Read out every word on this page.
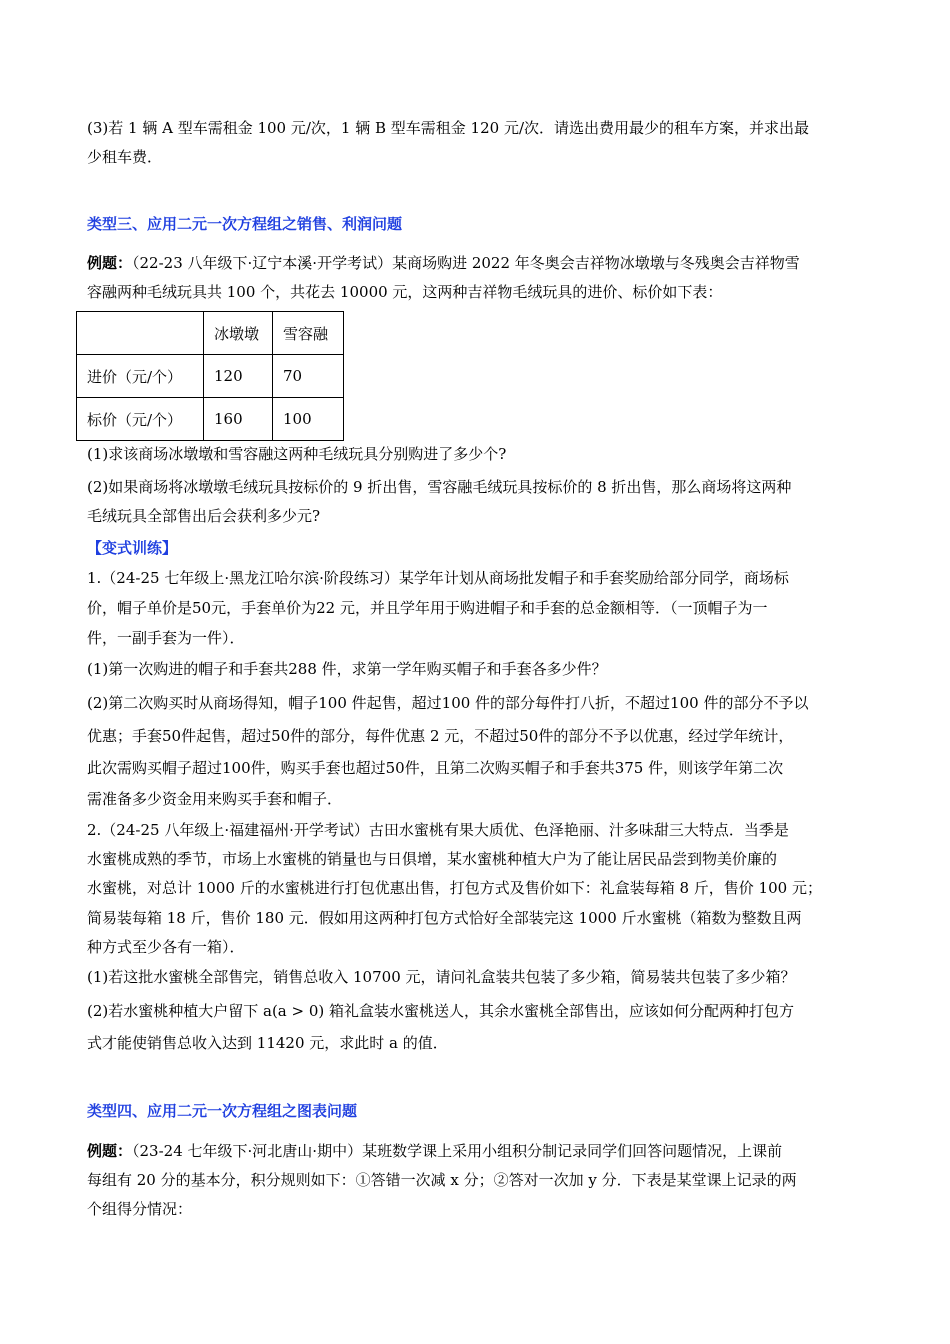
(3)若 1 辆 A 型车需租金 100 元/次，1 辆 B 型车需租金 120 元/次．请选出费用最少的租车方案，并求出最
少租车费．
类型三、应用二元一次方程组之销售、利润问题
例题：（22-23 八年级下·辽宁本溪·开学考试）某商场购进 2022 年冬奥会吉祥物冰墩墩与冬残奥会吉祥物雪
容融两种毛绒玩具共 100 个，共花去 10000 元，这两种吉祥物毛绒玩具的进价、标价如下表：
	冰墩墩	雪容融
进价（元/个）	120	70
标价（元/个）	160	100
(1)求该商场冰墩墩和雪容融这两种毛绒玩具分别购进了多少个?
(2)如果商场将冰墩墩毛绒玩具按标价的 9 折出售，雪容融毛绒玩具按标价的 8 折出售，那么商场将这两种
毛绒玩具全部售出后会获利多少元?
【变式训练】
1.（24-25 七年级上·黑龙江哈尔滨·阶段练习）某学年计划从商场批发帽子和手套奖励给部分同学，商场标
价，帽子单价是50元，手套单价为22 元，并且学年用于购进帽子和手套的总金额相等．（一顶帽子为一
件，一副手套为一件）．
(1)第一次购进的帽子和手套共288 件，求第一学年购买帽子和手套各多少件？
(2)第二次购买时从商场得知，帽子100 件起售，超过100 件的部分每件打八折，不超过100 件的部分不予以
优惠；手套50件起售，超过50件的部分，每件优惠 2 元，不超过50件的部分不予以优惠，经过学年统计，
此次需购买帽子超过100件，购买手套也超过50件，且第二次购买帽子和手套共375 件，则该学年第二次
需准备多少资金用来购买手套和帽子．
2.（24-25 八年级上·福建福州·开学考试）古田水蜜桃有果大质优、色泽艳丽、汁多味甜三大特点．当季是
水蜜桃成熟的季节，市场上水蜜桃的销量也与日俱增，某水蜜桃种植大户为了能让居民品尝到物美价廉的
水蜜桃，对总计 1000 斤的水蜜桃进行打包优惠出售，打包方式及售价如下：礼盒装每箱 8 斤，售价 100 元；
简易装每箱 18 斤，售价 180 元．假如用这两种打包方式恰好全部装完这 1000 斤水蜜桃（箱数为整数且两
种方式至少各有一箱）．
(1)若这批水蜜桃全部售完，销售总收入 10700 元，请问礼盒装共包装了多少箱，简易装共包装了多少箱？
(2)若水蜜桃种植大户留下 a(a > 0) 箱礼盒装水蜜桃送人，其余水蜜桃全部售出，应该如何分配两种打包方
式才能使销售总收入达到 11420 元，求此时 a 的值．
类型四、应用二元一次方程组之图表问题
例题：（23-24 七年级下·河北唐山·期中）某班数学课上采用小组积分制记录同学们回答问题情况，上课前
每组有 20 分的基本分，积分规则如下：①答错一次减 x 分；②答对一次加 y 分．下表是某堂课上记录的两
个组得分情况：
